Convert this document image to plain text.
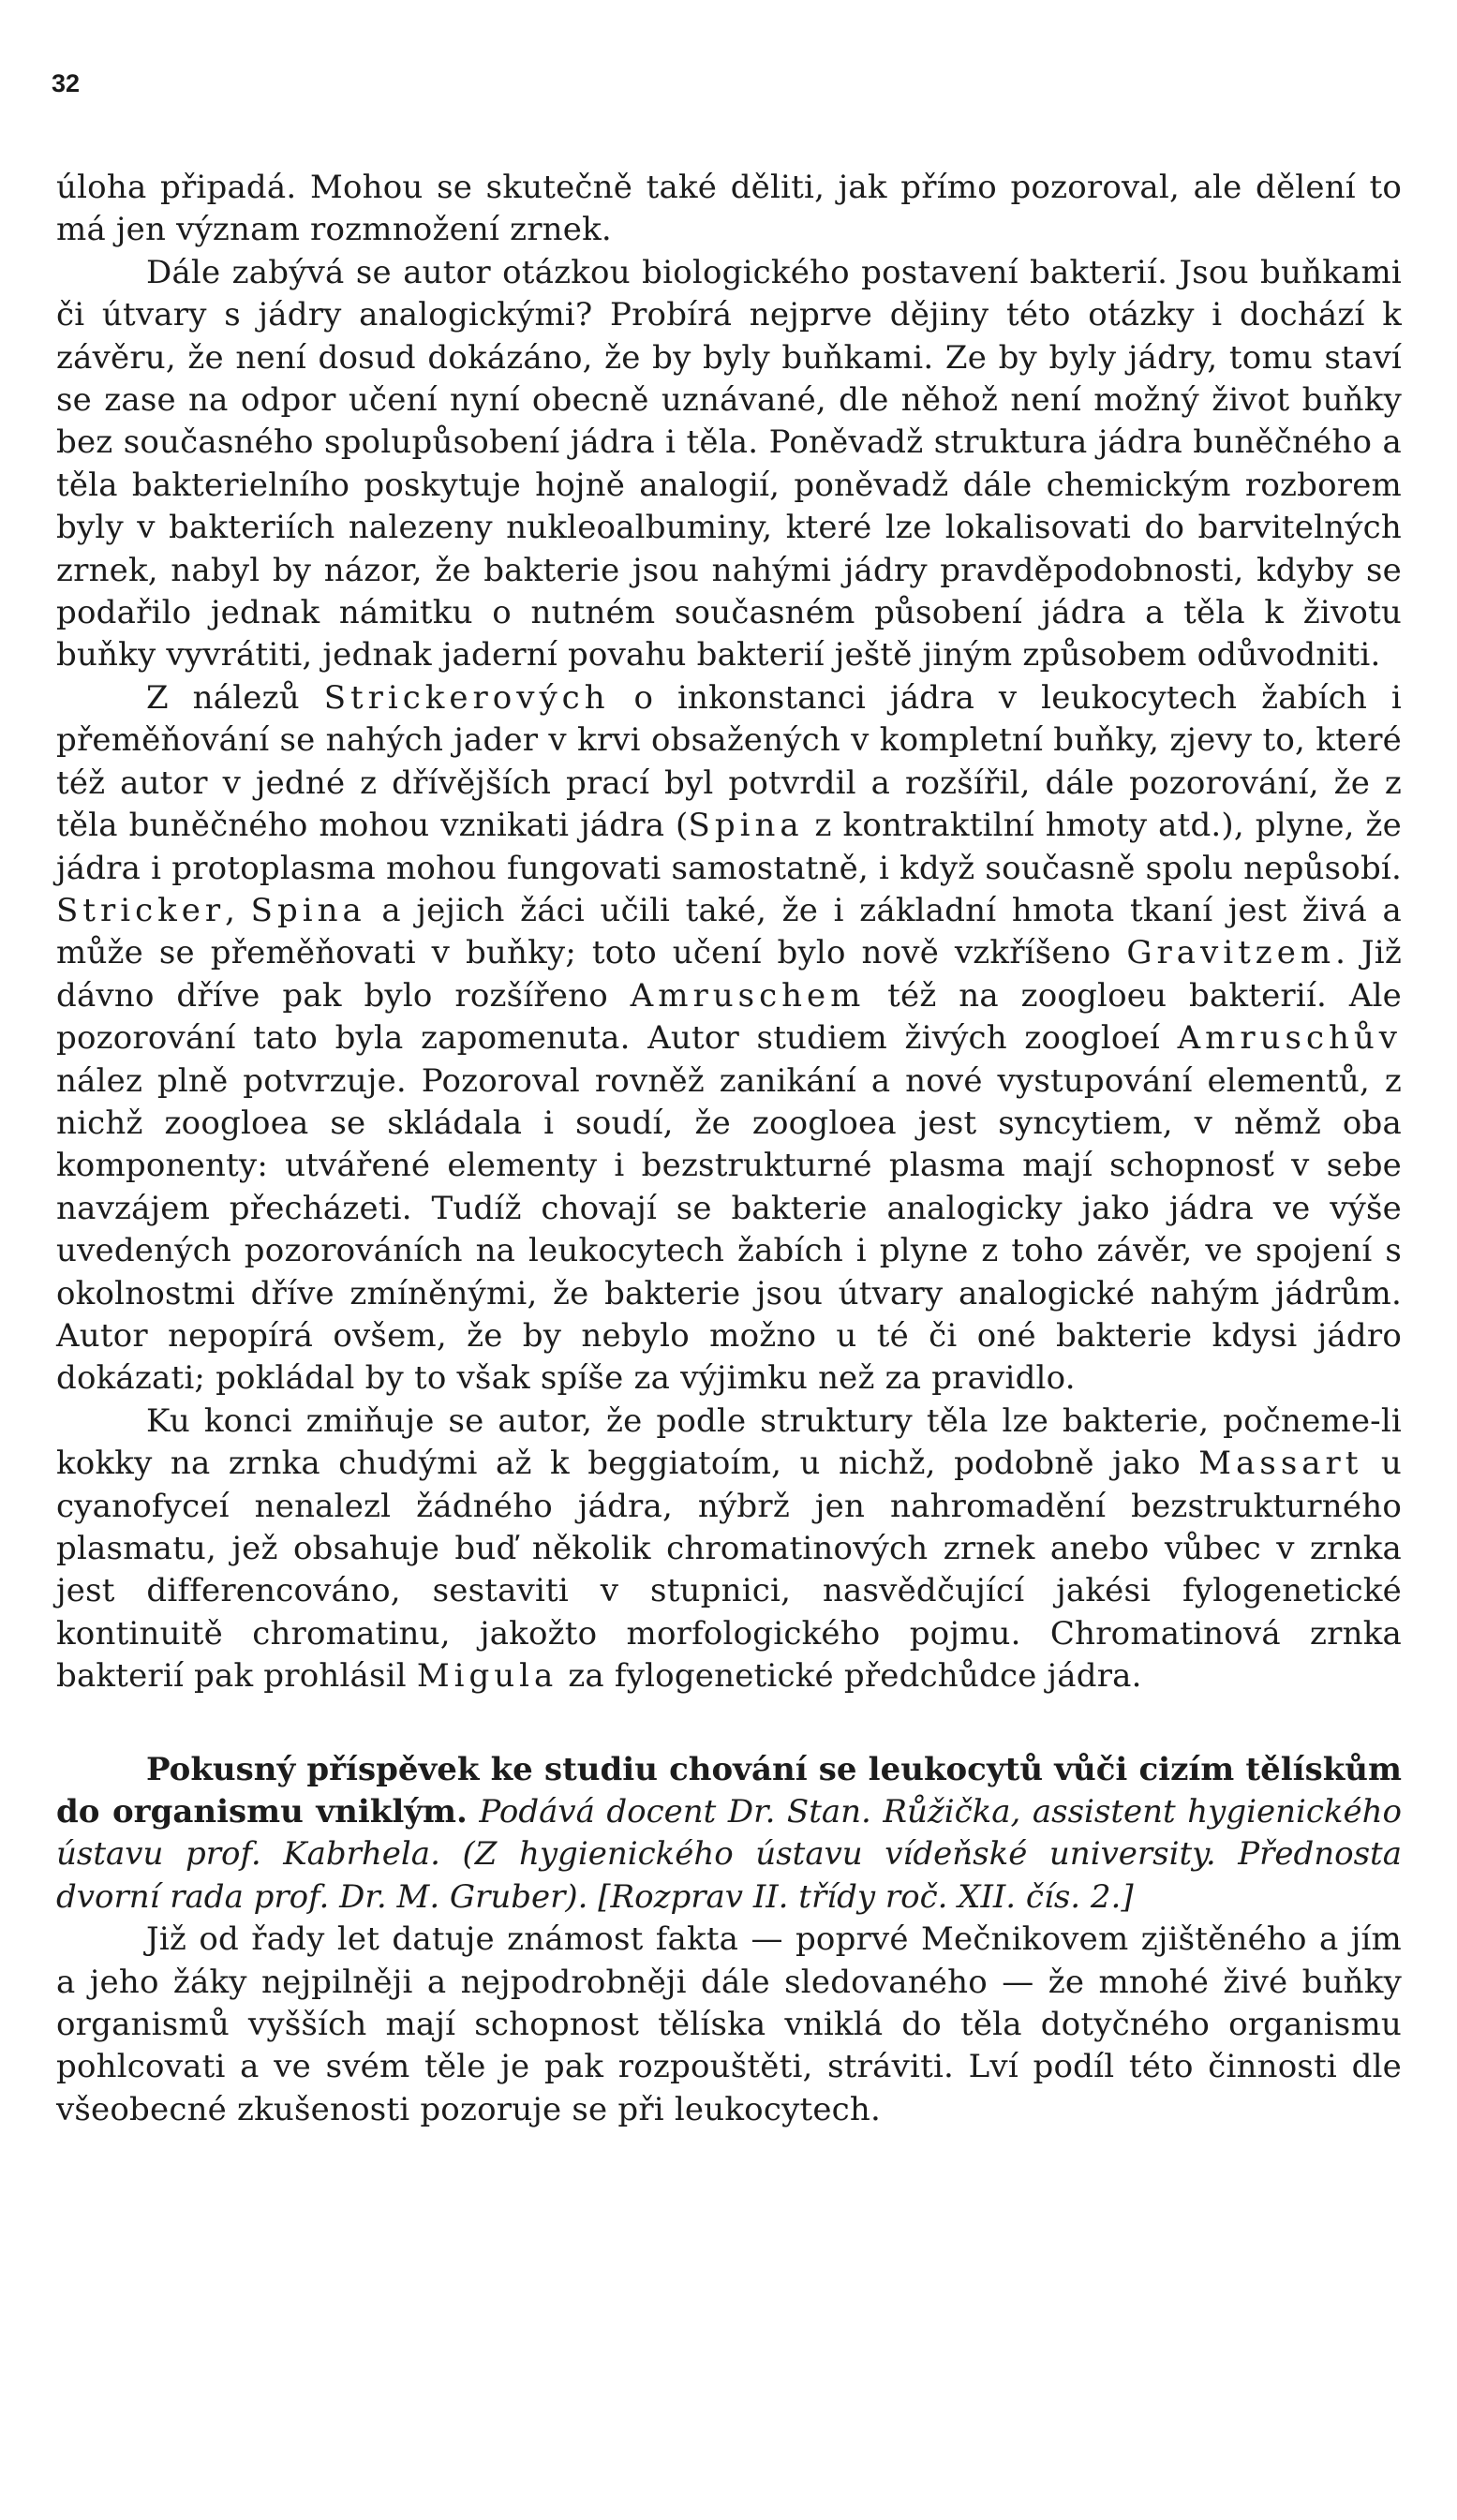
32

úloha připadá. Mohou se skutečně také děliti, jak přímo pozoroval, ale dělení to má jen význam rozmnožení zrnek.

Dále zabývá se autor otázkou biologického postavení bakterií. Jsou buňkami či útvary s jádry analogickými? Probírá nejprve dějiny této otázky i dochází k závěru, že není dosud dokázáno, že by byly buňkami. Ze by byly jádry, tomu staví se zase na odpor učení nyní obecně uznávané, dle něhož není možný život buňky bez současného spolupůsobení jádra i těla. Poněvadž struktura jádra buněčného a těla bakterielního poskytuje hojně analogií, poněvadž dále chemickým rozborem byly v bakteriích nalezeny nukleoalbuminy, které lze lokalisovati do barvitelných zrnek, nabyl by názor, že bakterie jsou nahými jádry pravděpodobnosti, kdyby se podařilo jednak námitku o nutném současném působení jádra a těla k životu buňky vyvrátiti, jednak jaderní povahu bakterií ještě jiným způsobem odůvodniti.

Z nálezů Strickerových o inkonstanci jádra v leukocytech žabích i přeměňování se nahých jader v krvi obsažených v kompletní buňky, zjevy to, které též autor v jedné z dřívějších prací byl potvrdil a rozšířil, dále pozorování, že z těla buněčného mohou vznikati jádra (Spina z kontraktilní hmoty atd.), plyne, že jádra i protoplasma mohou fungovati samostatně, i když současně spolu nepůsobí. Stricker, Spina a jejich žáci učili také, že i základní hmota tkaní jest živá a může se přeměňovati v buňky; toto učení bylo nově vzkříšeno Gravitzem. Již dávno dříve pak bylo rozšířeno Amruschem též na zoogloeu bakterií. Ale pozorování tato byla zapomenuta. Autor studiem živých zoogloeí Amruschův nález plně potvrzuje. Pozoroval rovněž zanikání a nové vystupování elementů, z nichž zoogloea se skládala i soudí, že zoogloea jest syncytiem, v němž oba komponenty: utvářené elementy i bezstrukturné plasma mají schopnosť v sebe navzájem přecházeti. Tudíž chovají se bakterie analogicky jako jádra ve výše uvedených pozorováních na leukocytech žabích i plyne z toho závěr, ve spojení s okolnostmi dříve zmíněnými, že bakterie jsou útvary analogické nahým jádrům. Autor nepopírá ovšem, že by nebylo možno u té či oné bakterie kdysi jádro dokázati; pokládal by to však spíše za výjimku než za pravidlo.

Ku konci zmiňuje se autor, že podle struktury těla lze bakterie, počneme-li kokky na zrnka chudými až k beggiatoím, u nichž, podobně jako Massart u cyanofyceí nenalezl žádného jádra, nýbrž jen nahromadění bezstrukturného plasmatu, jež obsahuje buď několik chromatinových zrnek anebo vůbec v zrnka jest differencováno, sestaviti v stupnici, nasvědčující jakési fylogenetické kontinuitě chromatinu, jakožto morfologického pojmu. Chromatinová zrnka bakterií pak prohlásil Migula za fylogenetické předchůdce jádra.

Pokusný příspěvek ke studiu chování se leukocytů vůči cizím tělískům do organismu vniklým. Podává docent Dr. Stan. Růžička, assistent hygienického ústavu prof. Kabrhela. (Z hygienického ústavu vídeňské university. Přednosta dvorní rada prof. Dr. M. Gruber). [Rozprav II. třídy roč. XII. čís. 2.]

Již od řady let datuje známost fakta — poprvé Mečnikovem zjištěného a jím a jeho žáky nejpilněji a nejpodrobněji dále sledovaného — že mnohé živé buňky organismů vyšších mají schopnost tělíska vniklá do těla dotyčného organismu pohlcovati a ve svém těle je pak rozpouštěti, stráviti. Lví podíl této činnosti dle všeobecné zkušenosti pozoruje se při leukocytech.
